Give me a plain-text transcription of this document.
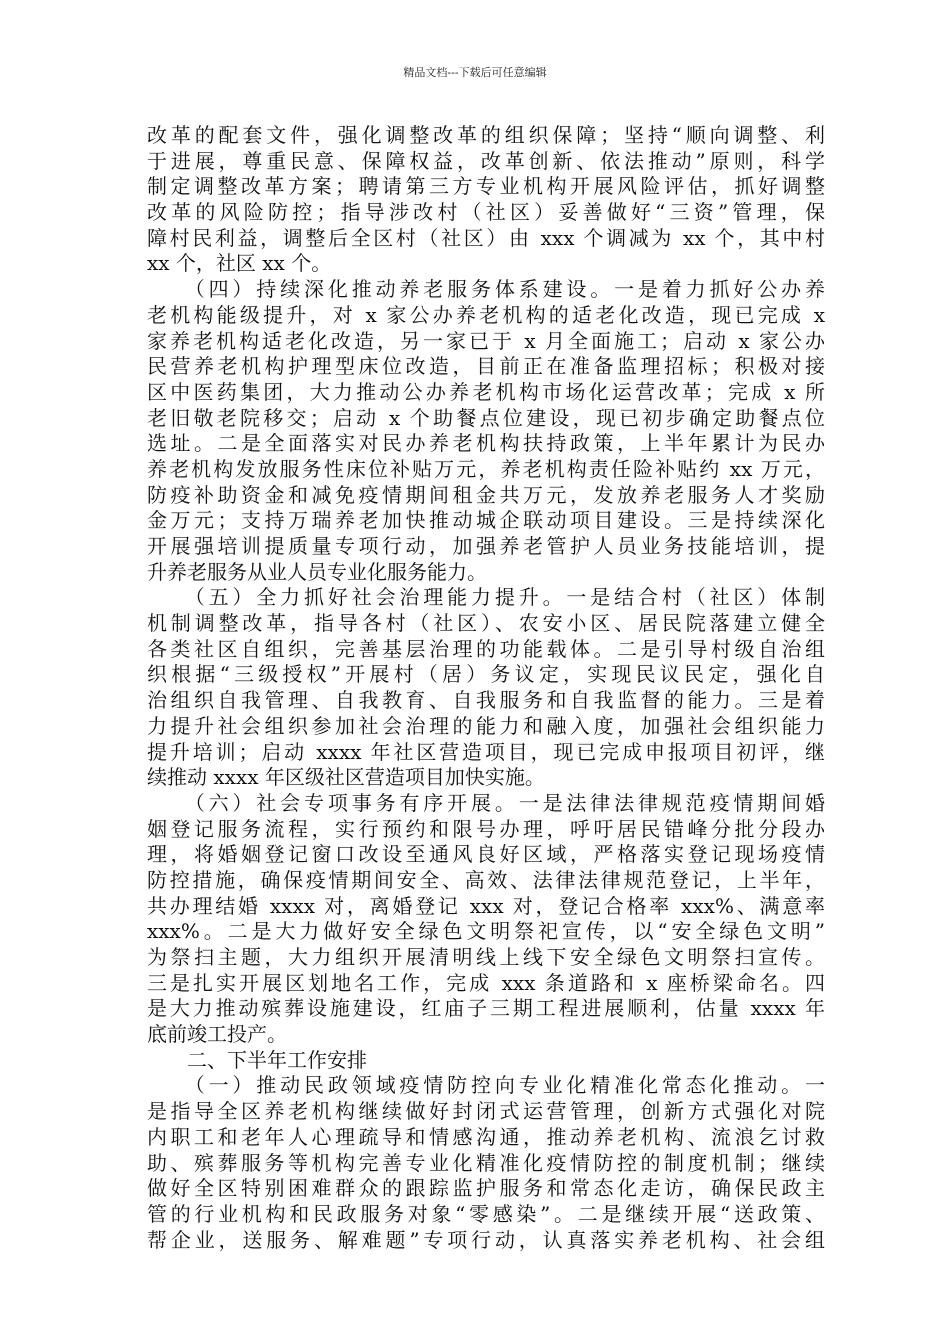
精品文档---下载后可任意编辑
改革的配套文件，强化调整改革的组织保障；坚持“顺向调整、利
于进展，尊重民意、保障权益，改革创新、依法推动”原则，科学
制定调整改革方案；聘请第三方专业机构开展风险评估，抓好调整
改革的风险防控；指导涉改村（社区）妥善做好“三资”管理，保
障村民利益，调整后全区村（社区）由 xxx 个调减为 xx 个，其中村
xx 个，社区 xx 个。
　　（四）持续深化推动养老服务体系建设。一是着力抓好公办养
老机构能级提升，对 x 家公办养老机构的适老化改造，现已完成 x
家养老机构适老化改造，另一家已于 x 月全面施工；启动 x 家公办
民营养老机构护理型床位改造，目前正在准备监理招标；积极对接
区中医药集团，大力推动公办养老机构市场化运营改革；完成 x 所
老旧敬老院移交；启动 x 个助餐点位建设，现已初步确定助餐点位
选址。二是全面落实对民办养老机构扶持政策，上半年累计为民办
养老机构发放服务性床位补贴万元，养老机构责任险补贴约 xx 万元，
防疫补助资金和减免疫情期间租金共万元，发放养老服务人才奖励
金万元；支持万瑞养老加快推动城企联动项目建设。三是持续深化
开展强培训提质量专项行动，加强养老管护人员业务技能培训，提
升养老服务从业人员专业化服务能力。
　　（五）全力抓好社会治理能力提升。一是结合村（社区）体制
机制调整改革，指导各村（社区）、农安小区、居民院落建立健全
各类社区自组织，完善基层治理的功能载体。二是引导村级自治组
织根据“三级授权”开展村（居）务议定，实现民议民定，强化自
治组织自我管理、自我教育、自我服务和自我监督的能力。三是着
力提升社会组织参加社会治理的能力和融入度，加强社会组织能力
提升培训；启动 xxxx 年社区营造项目，现已完成申报项目初评，继
续推动 xxxx 年区级社区营造项目加快实施。
　　（六）社会专项事务有序开展。一是法律法律规范疫情期间婚
姻登记服务流程，实行预约和限号办理，呼吁居民错峰分批分段办
理，将婚姻登记窗口改设至通风良好区域，严格落实登记现场疫情
防控措施，确保疫情期间安全、高效、法律法律规范登记，上半年，
共办理结婚 xxxx 对，离婚登记 xxx 对，登记合格率 xxx%、满意率
xxx%。二是大力做好安全绿色文明祭祀宣传，以“安全绿色文明”
为祭扫主题，大力组织开展清明线上线下安全绿色文明祭扫宣传。
三是扎实开展区划地名工作，完成 xxx 条道路和 x 座桥梁命名。四
是大力推动殡葬设施建设，红庙子三期工程进展顺利，估量 xxxx 年
底前竣工投产。
　　二、下半年工作安排
　　（一）推动民政领域疫情防控向专业化精准化常态化推动。一
是指导全区养老机构继续做好封闭式运营管理，创新方式强化对院
内职工和老年人心理疏导和情感沟通，推动养老机构、流浪乞讨救
助、殡葬服务等机构完善专业化精准化疫情防控的制度机制；继续
做好全区特别困难群众的跟踪监护服务和常态化走访，确保民政主
管的行业机构和民政服务对象“零感染”。二是继续开展“送政策、
帮企业，送服务、解难题”专项行动，认真落实养老机构、社会组
